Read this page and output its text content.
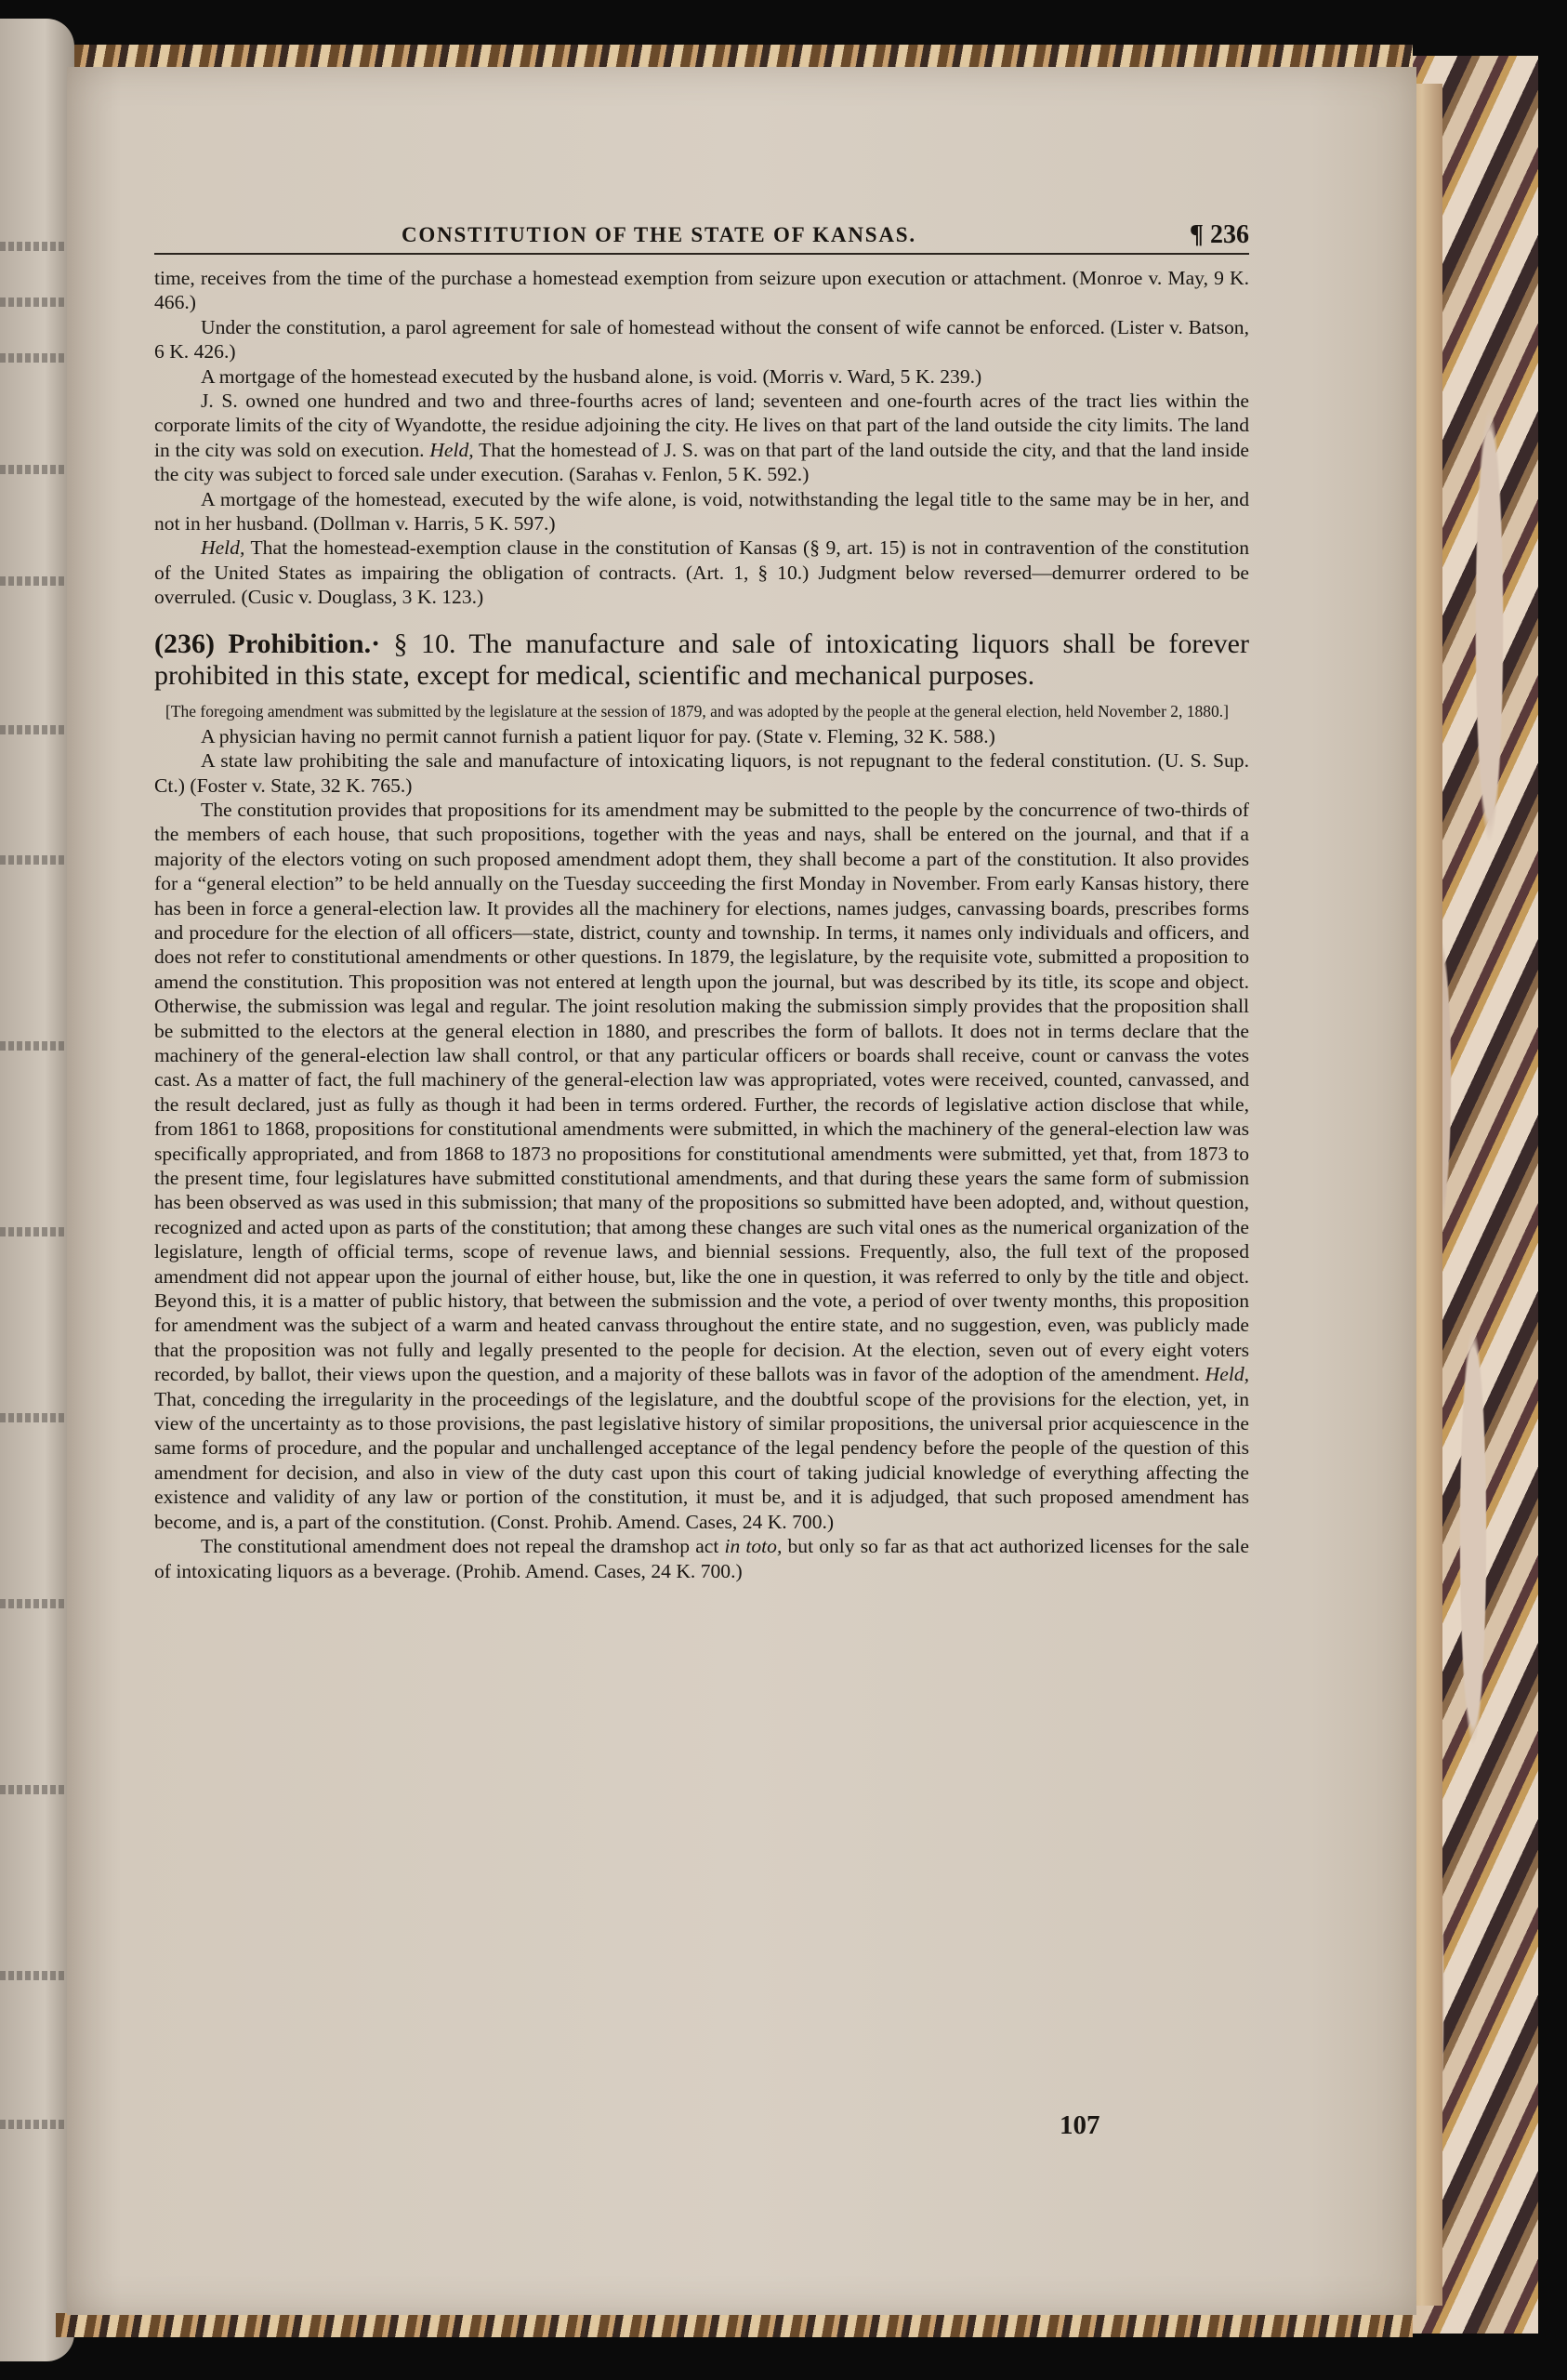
CONSTITUTION OF THE STATE OF KANSAS.	¶ 236

time, receives from the time of the purchase a homestead exemption from seizure upon execution or attachment. (Monroe v. May, 9 K. 466.)

Under the constitution, a parol agreement for sale of homestead without the consent of wife cannot be enforced. (Lister v. Batson, 6 K. 426.)

A mortgage of the homestead executed by the husband alone, is void. (Morris v. Ward, 5 K. 239.)

J. S. owned one hundred and two and three-fourths acres of land; seventeen and one-fourth acres of the tract lies within the corporate limits of the city of Wyandotte, the residue adjoining the city. He lives on that part of the land outside the city limits. The land in the city was sold on execution. Held, That the homestead of J. S. was on that part of the land outside the city, and that the land inside the city was subject to forced sale under execution. (Sarahas v. Fenlon, 5 K. 592.)

A mortgage of the homestead, executed by the wife alone, is void, notwithstanding the legal title to the same may be in her, and not in her husband. (Dollman v. Harris, 5 K. 597.)

Held, That the homestead-exemption clause in the constitution of Kansas (§ 9, art. 15) is not in contravention of the constitution of the United States as impairing the obligation of contracts. (Art. 1, § 10.) Judgment below reversed—demurrer ordered to be overruled. (Cusic v. Douglass, 3 K. 123.)

(236) Prohibition.· § 10. The manufacture and sale of intoxicating liquors shall be forever prohibited in this state, except for medical, scientific and mechanical purposes.

[The foregoing amendment was submitted by the legislature at the session of 1879, and was adopted by the people at the general election, held November 2, 1880.]

A physician having no permit cannot furnish a patient liquor for pay. (State v. Fleming, 32 K. 588.)

A state law prohibiting the sale and manufacture of intoxicating liquors, is not repugnant to the federal constitution. (U. S. Sup. Ct.) (Foster v. State, 32 K. 765.)

The constitution provides that propositions for its amendment may be submitted to the people by the concurrence of two-thirds of the members of each house, that such propositions, together with the yeas and nays, shall be entered on the journal, and that if a majority of the electors voting on such proposed amendment adopt them, they shall become a part of the constitution. It also provides for a “general election” to be held annually on the Tuesday succeeding the first Monday in November. From early Kansas history, there has been in force a general-election law. It provides all the machinery for elections, names judges, canvassing boards, prescribes forms and procedure for the election of all officers—state, district, county and township. In terms, it names only individuals and officers, and does not refer to constitutional amendments or other questions. In 1879, the legislature, by the requisite vote, submitted a proposition to amend the constitution. This proposition was not entered at length upon the journal, but was described by its title, its scope and object. Otherwise, the submission was legal and regular. The joint resolution making the submission simply provides that the proposition shall be submitted to the electors at the general election in 1880, and prescribes the form of ballots. It does not in terms declare that the machinery of the general-election law shall control, or that any particular officers or boards shall receive, count or canvass the votes cast. As a matter of fact, the full machinery of the general-election law was appropriated, votes were received, counted, canvassed, and the result declared, just as fully as though it had been in terms ordered. Further, the records of legislative action disclose that while, from 1861 to 1868, propositions for constitutional amendments were submitted, in which the machinery of the general-election law was specifically appropriated, and from 1868 to 1873 no propositions for constitutional amendments were submitted, yet that, from 1873 to the present time, four legislatures have submitted constitutional amendments, and that during these years the same form of submission has been observed as was used in this submission; that many of the propositions so submitted have been adopted, and, without question, recognized and acted upon as parts of the constitution; that among these changes are such vital ones as the numerical organization of the legislature, length of official terms, scope of revenue laws, and biennial sessions. Frequently, also, the full text of the proposed amendment did not appear upon the journal of either house, but, like the one in question, it was referred to only by the title and object. Beyond this, it is a matter of public history, that between the submission and the vote, a period of over twenty months, this proposition for amendment was the subject of a warm and heated canvass throughout the entire state, and no suggestion, even, was publicly made that the proposition was not fully and legally presented to the people for decision. At the election, seven out of every eight voters recorded, by ballot, their views upon the question, and a majority of these ballots was in favor of the adoption of the amendment. Held, That, conceding the irregularity in the proceedings of the legislature, and the doubtful scope of the provisions for the election, yet, in view of the uncertainty as to those provisions, the past legislative history of similar propositions, the universal prior acquiescence in the same forms of procedure, and the popular and unchallenged acceptance of the legal pendency before the people of the question of this amendment for decision, and also in view of the duty cast upon this court of taking judicial knowledge of everything affecting the existence and validity of any law or portion of the constitution, it must be, and it is adjudged, that such proposed amendment has become, and is, a part of the constitution. (Const. Prohib. Amend. Cases, 24 K. 700.)

The constitutional amendment does not repeal the dramshop act in toto, but only so far as that act authorized licenses for the sale of intoxicating liquors as a beverage. (Prohib. Amend. Cases, 24 K. 700.)

107
